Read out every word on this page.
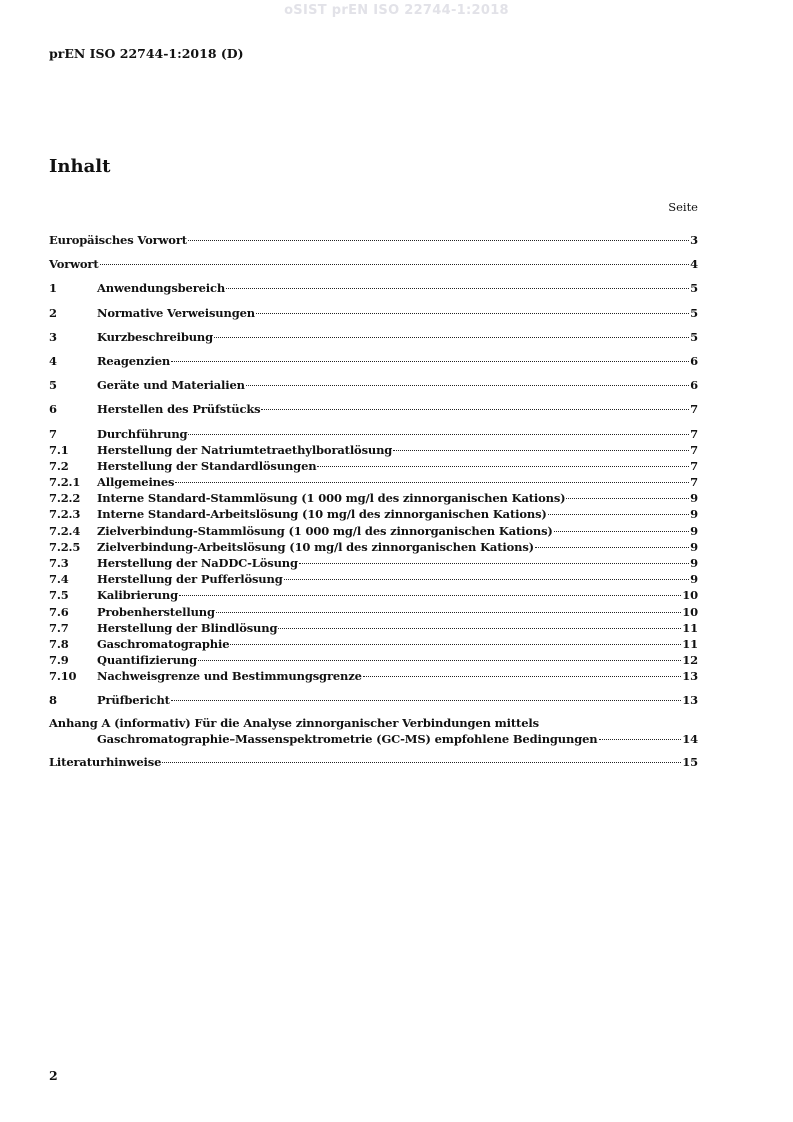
oSIST prEN ISO 22744-1:2018
prEN ISO 22744-1:2018 (D)
Inhalt
Seite
Europäisches Vorwort	3
Vorwort	4
1	Anwendungsbereich	5
2	Normative Verweisungen	5
3	Kurzbeschreibung	5
4	Reagenzien	6
5	Geräte und Materialien	6
6	Herstellen des Prüfstücks	7
7	Durchführung	7
7.1	Herstellung der Natriumtetraethylboratlösung	7
7.2	Herstellung der Standardlösungen	7
7.2.1	Allgemeines	7
7.2.2	Interne Standard-Stammlösung (1 000 mg/l des zinnorganischen Kations)	9
7.2.3	Interne Standard-Arbeitslösung (10 mg/l des zinnorganischen Kations)	9
7.2.4	Zielverbindung-Stammlösung (1 000 mg/l des zinnorganischen Kations)	9
7.2.5	Zielverbindung-Arbeitslösung (10 mg/l des zinnorganischen Kations)	9
7.3	Herstellung der NaDDC-Lösung	9
7.4	Herstellung der Pufferlösung	9
7.5	Kalibrierung	10
7.6	Probenherstellung	10
7.7	Herstellung der Blindlösung	11
7.8	Gaschromatographie	11
7.9	Quantifizierung	12
7.10	Nachweisgrenze und Bestimmungsgrenze	13
8	Prüfbericht	13
Anhang A (informativ) Für die Analyse zinnorganischer Verbindungen mittels
Gaschromatographie–Massenspektrometrie (GC-MS) empfohlene Bedingungen	14
Literaturhinweise	15
2
